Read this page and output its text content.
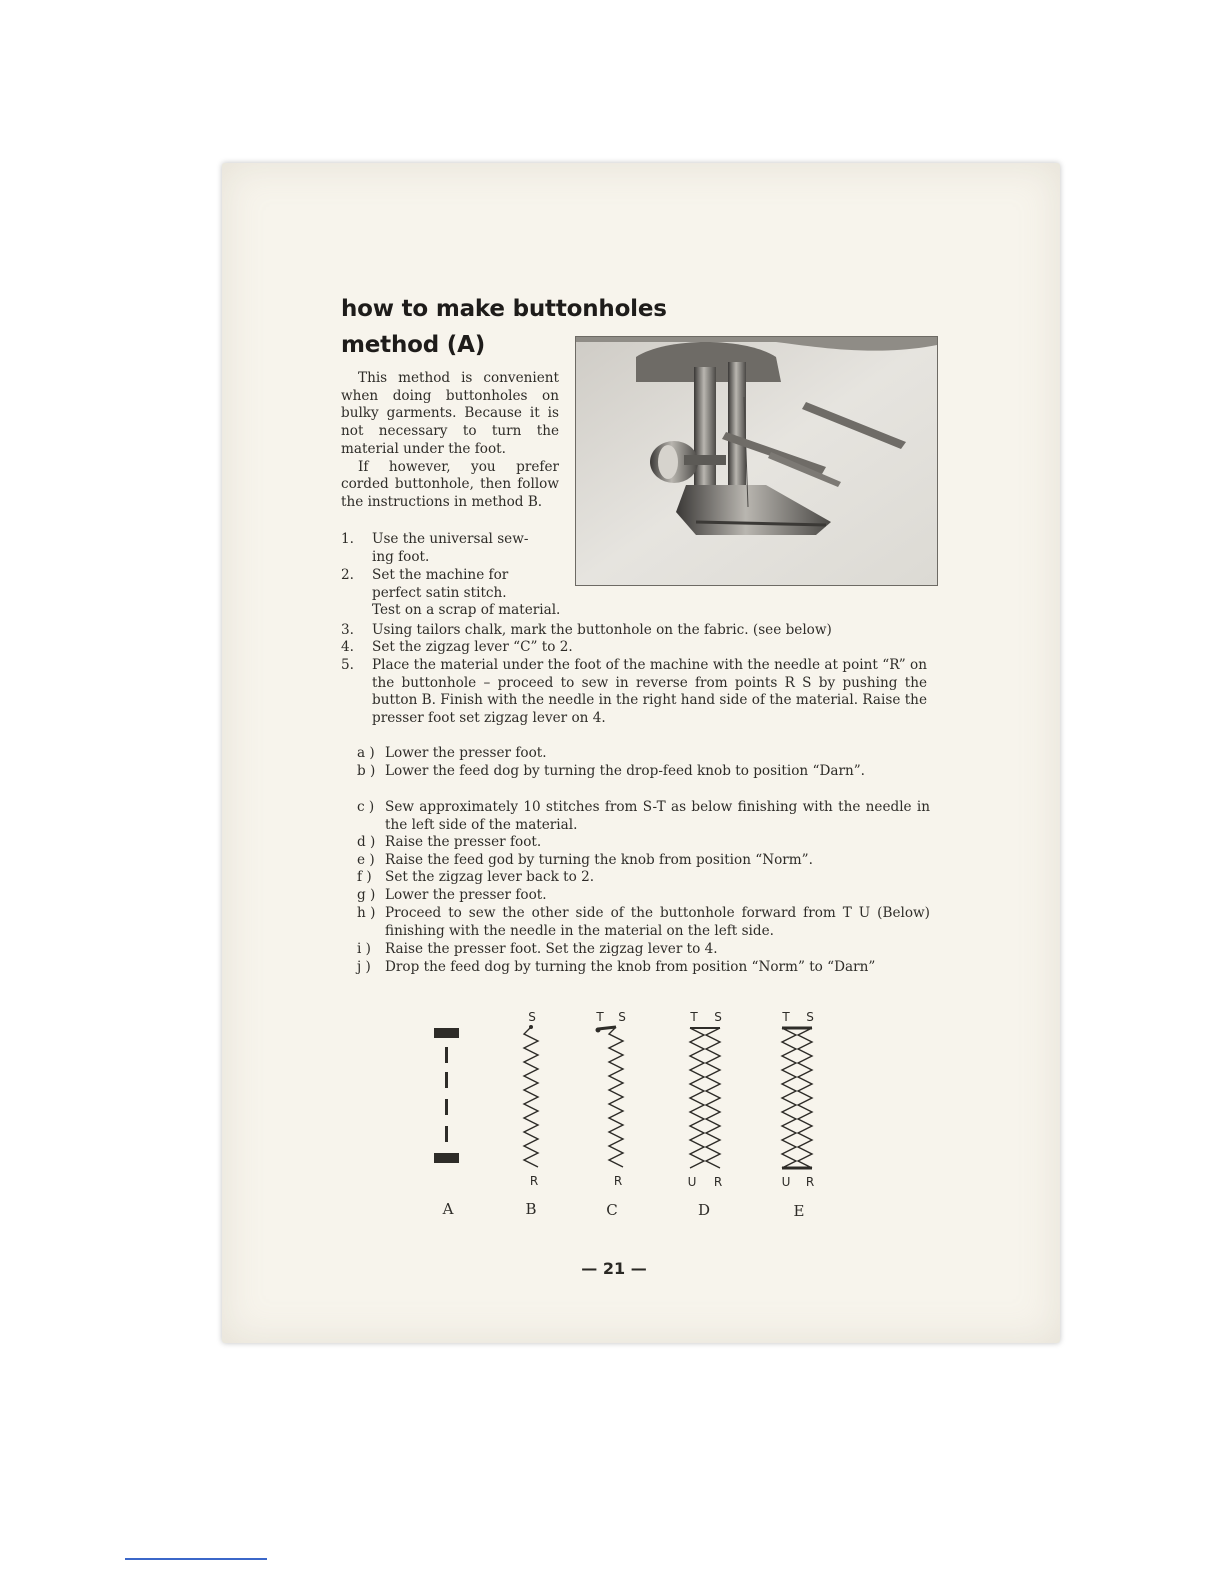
how to make buttonholes
method (A)

This method is convenient when doing buttonholes on bulky garments. Because it is not necessary to turn the material under the foot.

If however, you prefer corded buttonhole, then follow the instructions in method B.

1. Use the universal sew-
ing foot.
2. Set the machine for
perfect satin stitch.
Test on a scrap of material.
3. Using tailors chalk, mark the buttonhole on the fabric. (see below)
4. Set the zigzag lever “C” to 2.
5. Place the material under the foot of the machine with the needle at point “R” on the buttonhole – proceed to sew in reverse from points R S by pushing the button B. Finish with the needle in the right hand side of the material. Raise the presser foot set zigzag lever on 4.
a ) Lower the presser foot.
b ) Lower the feed dog by turning the drop-feed knob to position “Darn”.
c ) Sew approximately 10 stitches from S-T as below finishing with the needle in the left side of the material.
d ) Raise the presser foot.
e ) Raise the feed god by turning the knob from position “Norm”.
f ) Set the zigzag lever back to 2.
g ) Lower the presser foot.
h ) Proceed to sew the other side of the buttonhole forward from T U (Below) finishing with the needle in the material on the left side.
i ) Raise the presser foot. Set the zigzag lever to 4.
j ) Drop the feed dog by turning the knob from position “Norm” to “Darn”
S
R
T S
R
T S
U R
T S
U R
A	B	C	D	E
— 21 —
